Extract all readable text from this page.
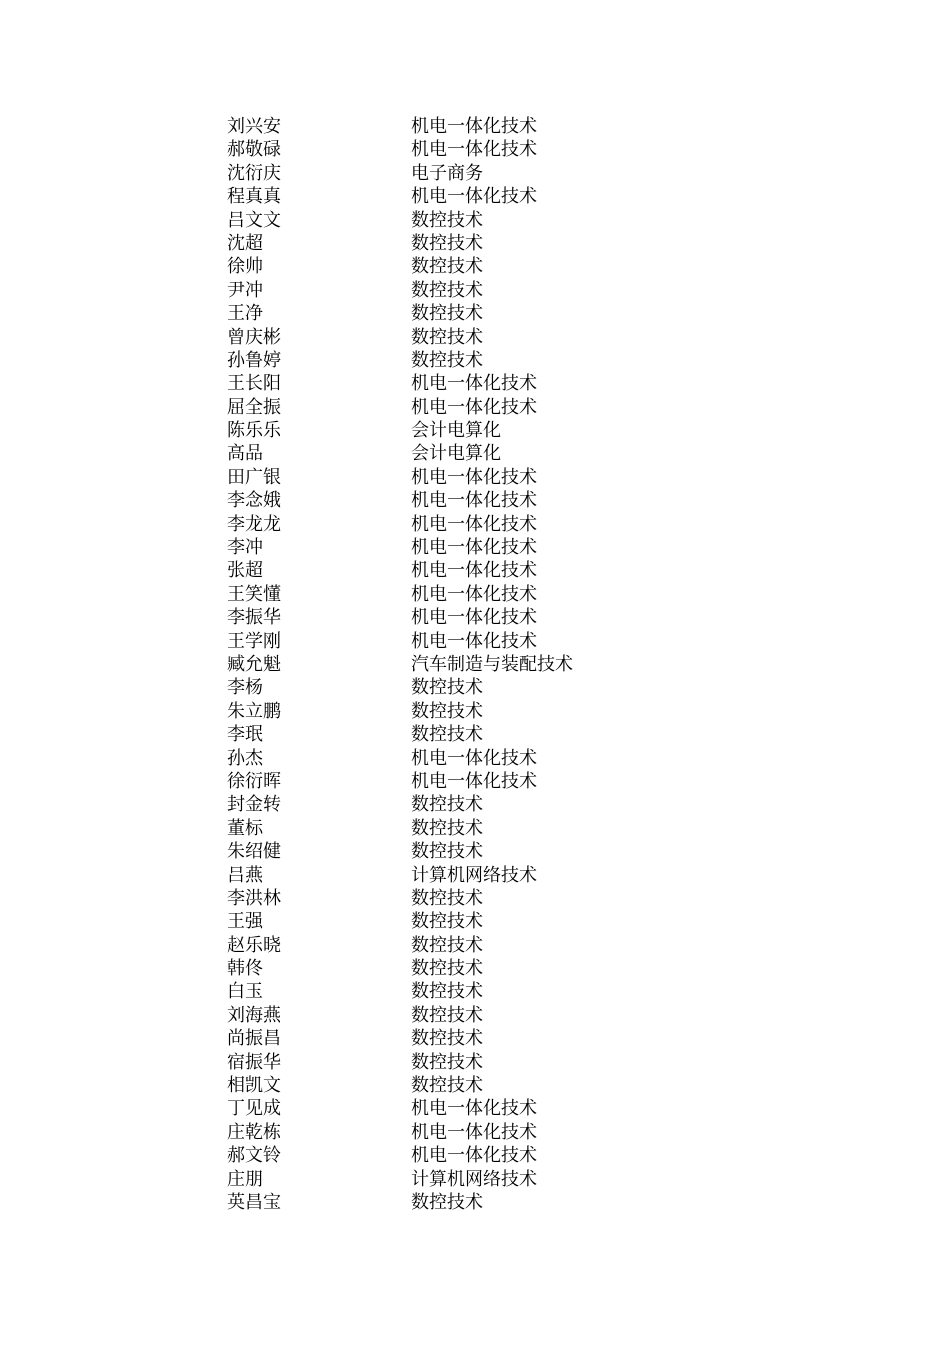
刘兴安	机电一体化技术
郝敬碌	机电一体化技术
沈衍庆	电子商务
程真真	机电一体化技术
吕文文	数控技术
沈超	数控技术
徐帅	数控技术
尹冲	数控技术
王净	数控技术
曾庆彬	数控技术
孙鲁婷	数控技术
王长阳	机电一体化技术
屈全振	机电一体化技术
陈乐乐	会计电算化
高品	会计电算化
田广银	机电一体化技术
李念娥	机电一体化技术
李龙龙	机电一体化技术
李冲	机电一体化技术
张超	机电一体化技术
王笑懂	机电一体化技术
李振华	机电一体化技术
王学刚	机电一体化技术
臧允魁	汽车制造与装配技术
李杨	数控技术
朱立鹏	数控技术
李珉	数控技术
孙杰	机电一体化技术
徐衍晖	机电一体化技术
封金转	数控技术
董标	数控技术
朱绍健	数控技术
吕燕	计算机网络技术
李洪林	数控技术
王强	数控技术
赵乐晓	数控技术
韩佟	数控技术
白玉	数控技术
刘海燕	数控技术
尚振昌	数控技术
宿振华	数控技术
相凯文	数控技术
丁见成	机电一体化技术
庄乾栋	机电一体化技术
郝文铃	机电一体化技术
庄朋	计算机网络技术
英昌宝	数控技术
